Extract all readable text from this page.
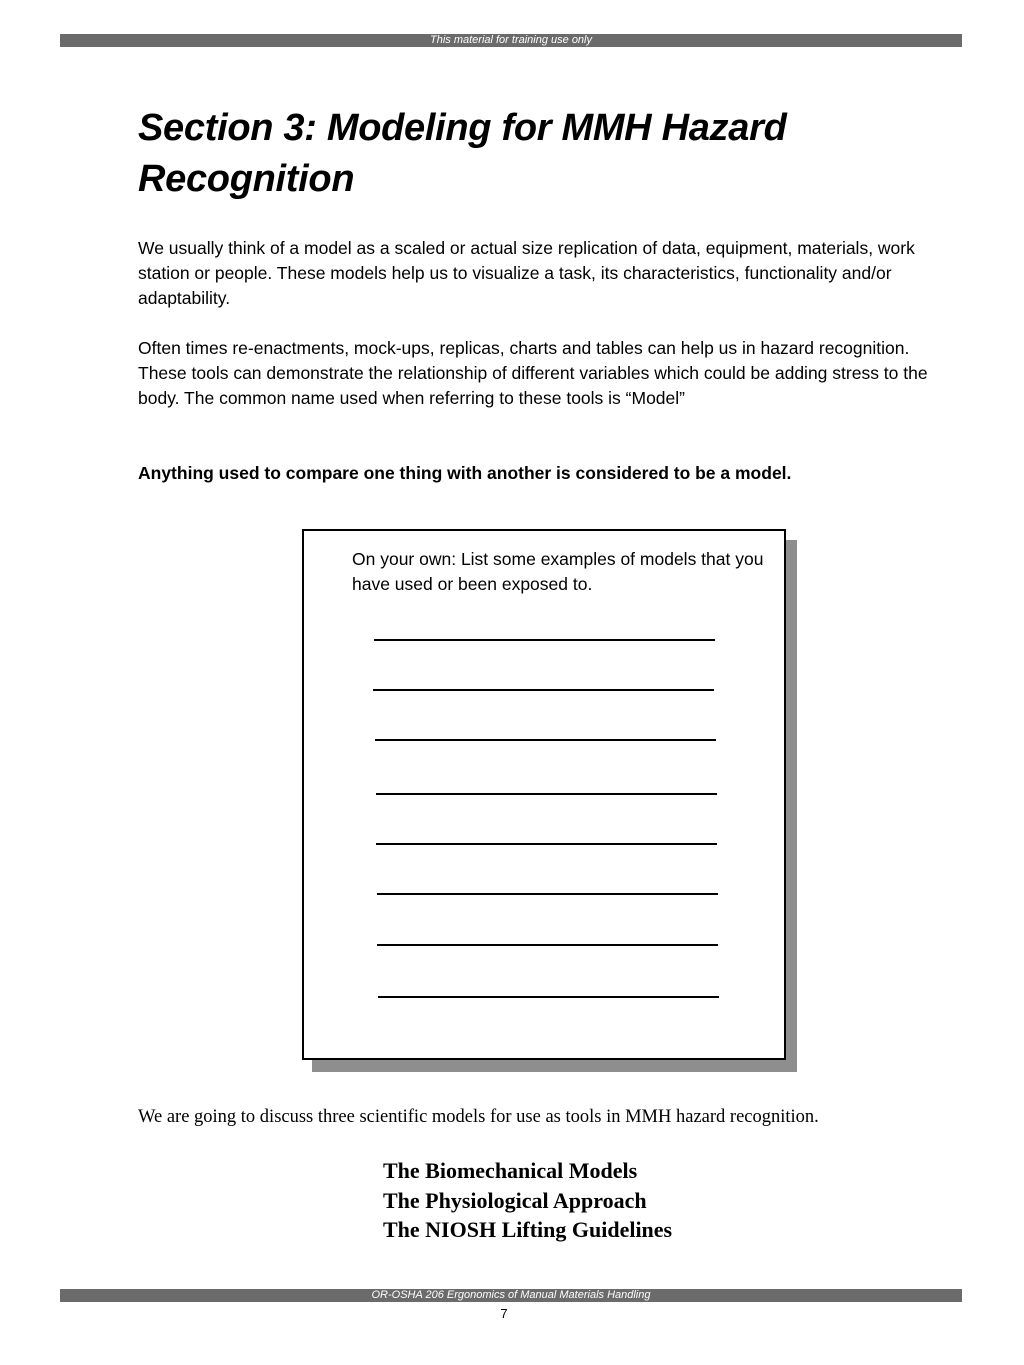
This material for training use only
Section 3: Modeling for MMH Hazard Recognition

We usually think of a model as a scaled or actual size replication of data, equipment, materials, work station or people. These models help us to visualize a task, its characteristics, functionality and/or adaptability.

Often times re-enactments, mock-ups, replicas, charts and tables can help us in hazard recognition. These tools can demonstrate the relationship of different variables which could be adding stress to the body. The common name used when referring to these tools is “Model”

Anything used to compare one thing with another is considered to be a model.

On your own: List some examples of models that you have used or been exposed to.

We are going to discuss three scientific models for use as tools in MMH hazard recognition.

The Biomechanical Models
The Physiological Approach
The NIOSH Lifting Guidelines
OR-OSHA 206 Ergonomics of Manual Materials Handling
7
